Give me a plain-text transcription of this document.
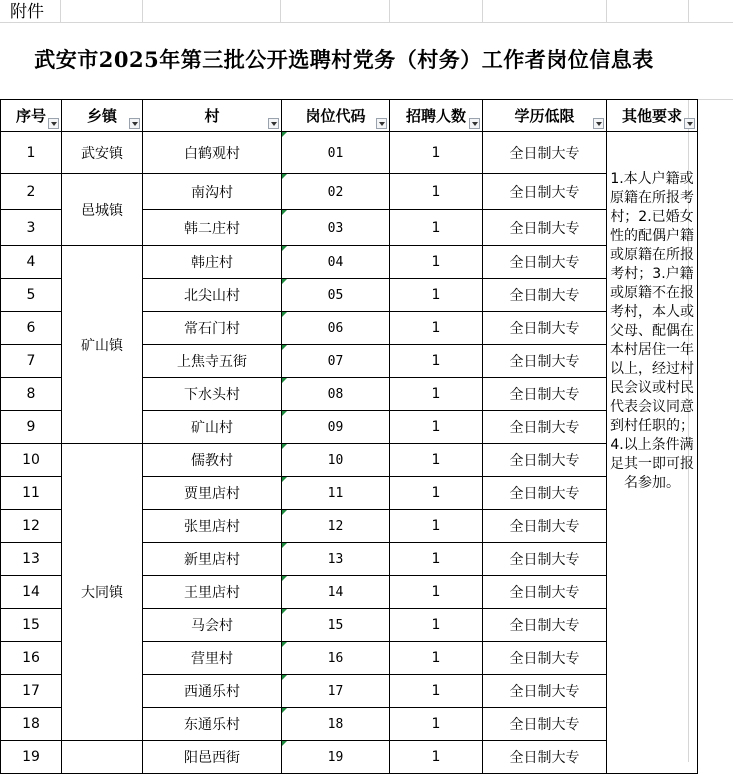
附件
武安市2025年第三批公开选聘村党务（村务）工作者岗位信息表
序号	乡镇	村	岗位代码	招聘人数	学历低限	其他要求

1	武安镇	白鹤观村	01	1	全日制大专	1.本人户籍或原籍在所报考村；2.已婚女性的配偶户籍或原籍在所报考村；3.户籍或原籍不在报考村，本人或父母、配偶在本村居住一年以上，经过村民会议或村民代表会议同意到村任职的；4.以上条件满足其一即可报名参加。
2	邑城镇	南沟村	02	1	全日制大专	
3		韩二庄村	03	1	全日制大专	
4	矿山镇	韩庄村	04	1	全日制大专	
5		北尖山村	05	1	全日制大专	
6		常石门村	06	1	全日制大专	
7		上焦寺五街	07	1	全日制大专	
8		下水头村	08	1	全日制大专	
9		矿山村	09	1	全日制大专	
10	大同镇	儒教村	10	1	全日制大专	
11		贾里店村	11	1	全日制大专	
12		张里店村	12	1	全日制大专	
13		新里店村	13	1	全日制大专	
14		王里店村	14	1	全日制大专	
15		马会村	15	1	全日制大专	
16		营里村	16	1	全日制大专	
17		西通乐村	17	1	全日制大专	
18		东通乐村	18	1	全日制大专	
19		阳邑西街	19	1	全日制大专	
